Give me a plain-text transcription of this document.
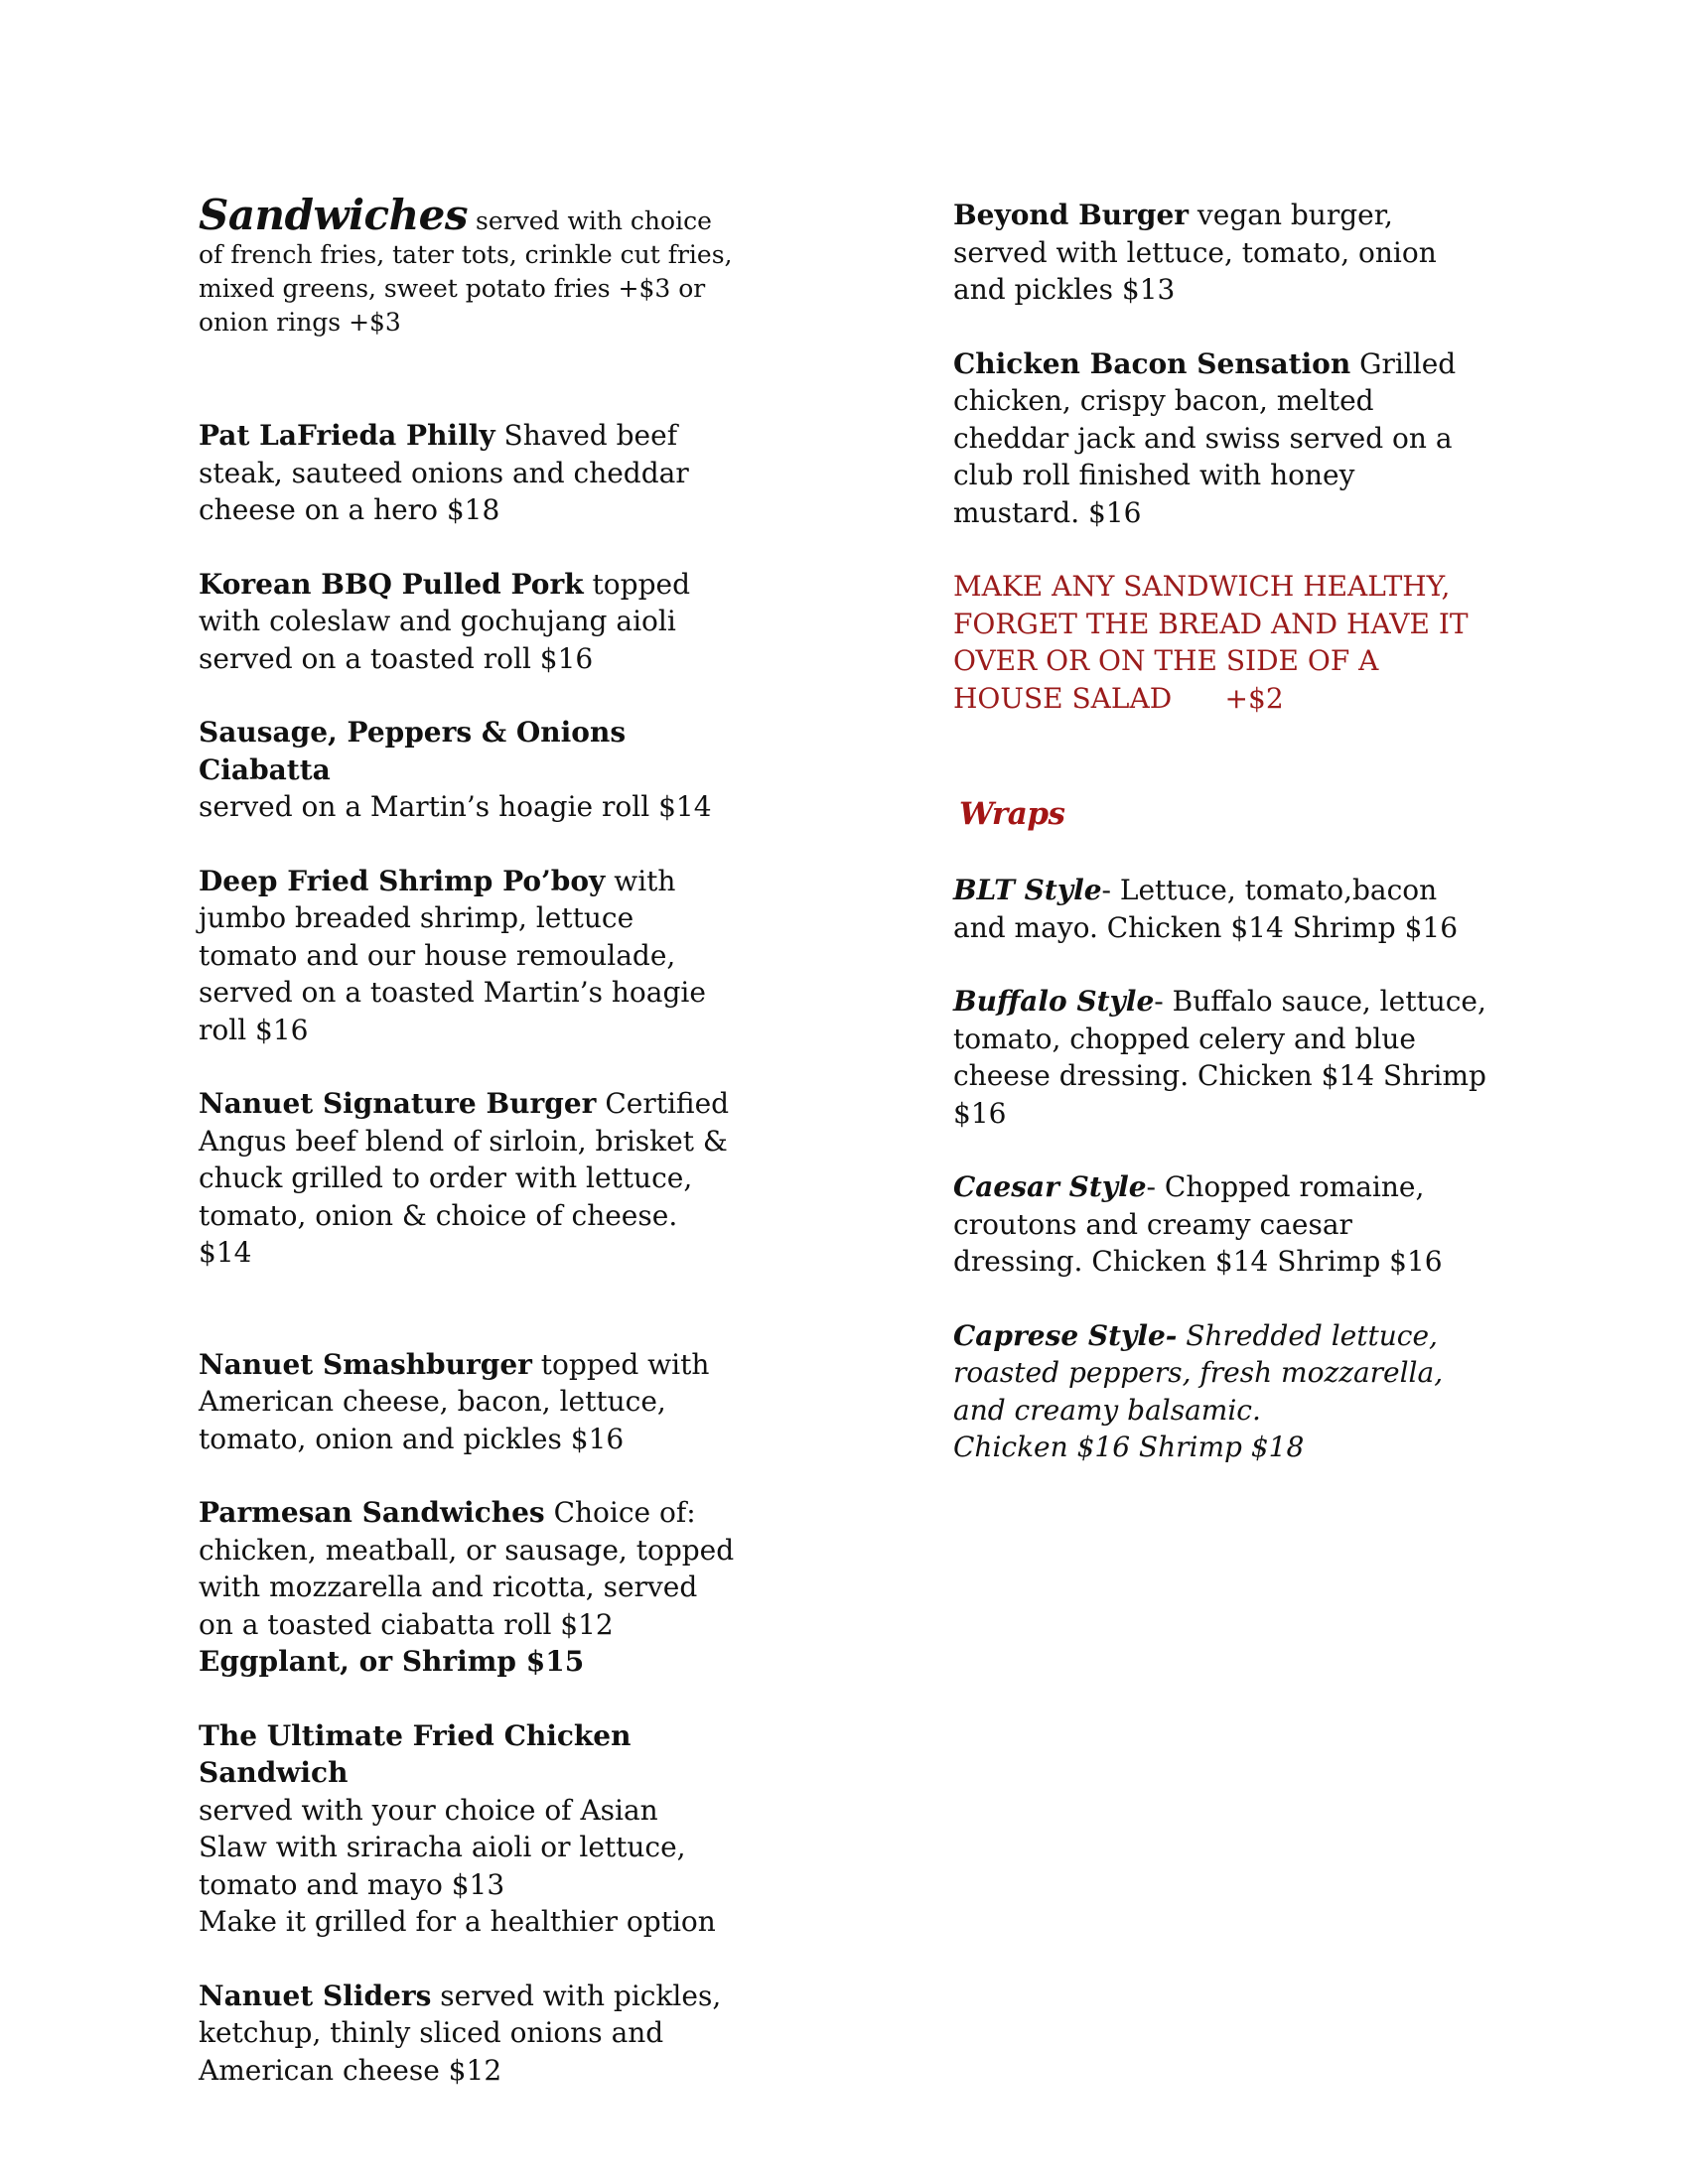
Sandwiches served with choice of french fries, tater tots, crinkle cut fries, mixed greens, sweet potato fries +$3 or onion rings +$3

Pat LaFrieda Philly Shaved beef steak, sauteed onions and cheddar cheese on a hero $18

Korean BBQ Pulled Pork topped with coleslaw and gochujang aioli served on a toasted roll $16

Sausage, Peppers & Onions Ciabatta
served on a Martin’s hoagie roll $14

Deep Fried Shrimp Po’boy with jumbo breaded shrimp, lettuce tomato and our house remoulade, served on a toasted Martin’s hoagie roll $16

Nanuet Signature Burger Certified Angus beef blend of sirloin, brisket & chuck grilled to order with lettuce, tomato, onion & choice of cheese. $14

Nanuet Smashburger topped with American cheese, bacon, lettuce, tomato, onion and pickles $16

Parmesan Sandwiches Choice of: chicken, meatball, or sausage, topped with mozzarella and ricotta, served on a toasted ciabatta roll $12
Eggplant, or Shrimp $15

The Ultimate Fried Chicken Sandwich
served with your choice of Asian Slaw with sriracha aioli or lettuce, tomato and mayo $13
Make it grilled for a healthier option

Nanuet Sliders served with pickles, ketchup, thinly sliced onions and American cheese $12

Beyond Burger vegan burger, served with lettuce, tomato, onion and pickles $13

Chicken Bacon Sensation Grilled chicken, crispy bacon, melted cheddar jack and swiss served on a club roll finished with honey mustard. $16

MAKE ANY SANDWICH HEALTHY, FORGET THE BREAD AND HAVE IT OVER OR ON THE SIDE OF A HOUSE SALAD      +$2

Wraps

BLT Style- Lettuce, tomato,bacon and mayo. Chicken $14 Shrimp $16

Buffalo Style- Buffalo sauce, lettuce, tomato, chopped celery and blue cheese dressing. Chicken $14 Shrimp $16

Caesar Style- Chopped romaine, croutons and creamy caesar dressing. Chicken $14 Shrimp $16

Caprese Style- Shredded lettuce, roasted peppers, fresh mozzarella, and creamy balsamic.
Chicken $16 Shrimp $18
